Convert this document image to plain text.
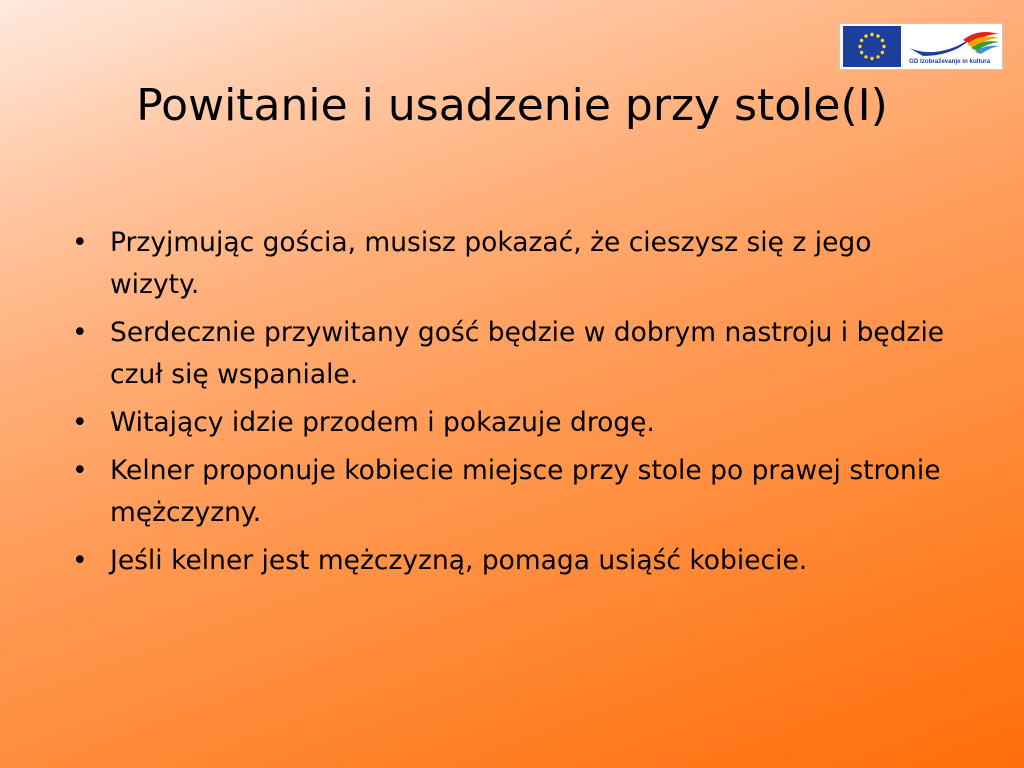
GD Izobraževanje in kultura
Powitanie i usadzenie przy stole(I)
• Przyjmując gościa, musisz pokazać, że cieszysz się z jego wizyty.
• Serdecznie przywitany gość będzie w dobrym nastroju i będzie czuł się wspaniale.
• Witający idzie przodem i pokazuje drogę.
• Kelner proponuje kobiecie miejsce przy stole po prawej stronie mężczyzny.
• Jeśli kelner jest mężczyzną, pomaga usiąść kobiecie.
